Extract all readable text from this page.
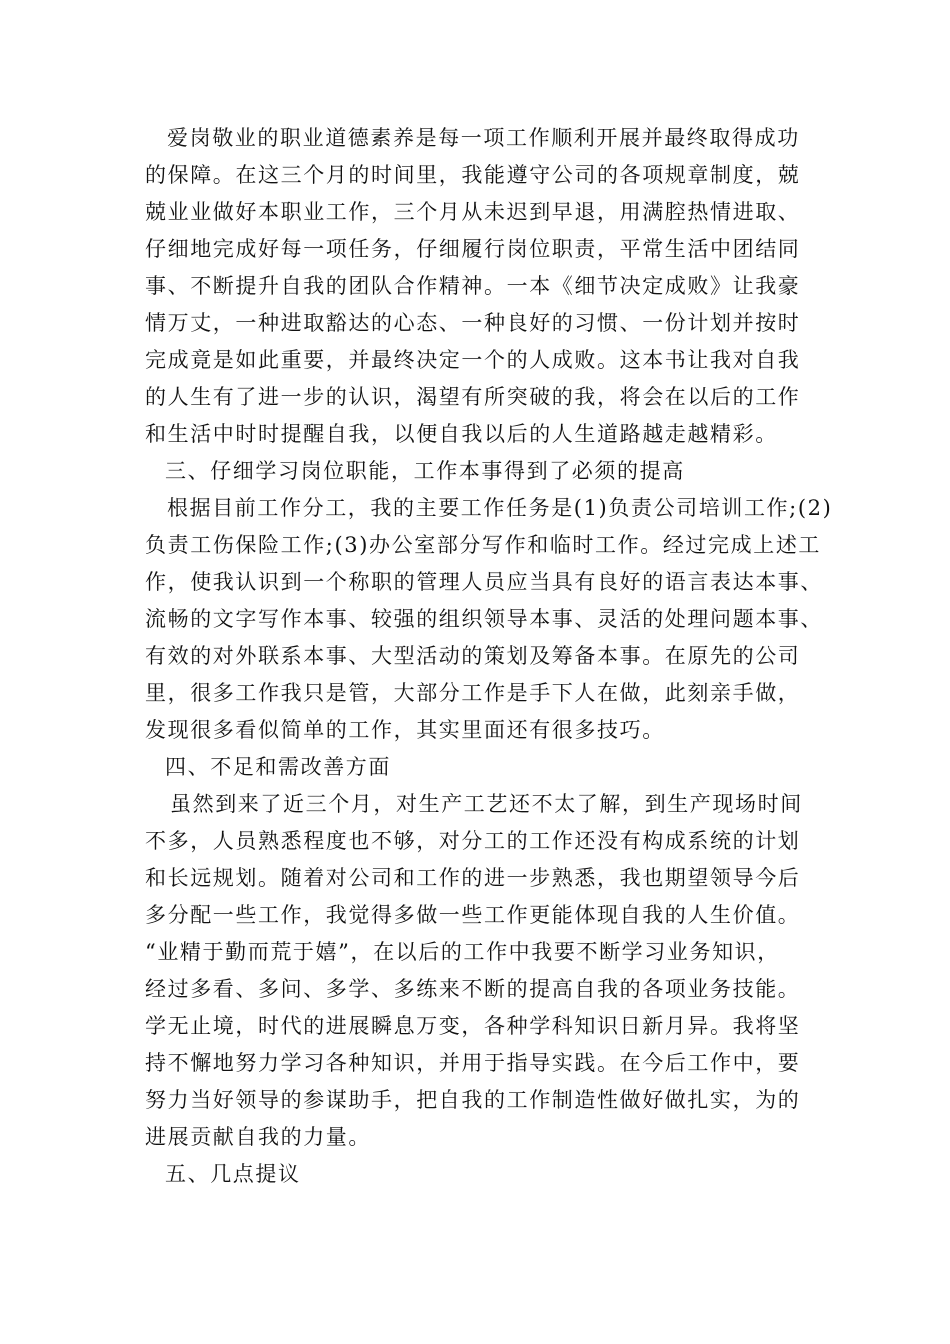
爱岗敬业的职业道德素养是每一项工作顺利开展并最终取得成功
的保障。在这三个月的时间里，我能遵守公司的各项规章制度，兢
兢业业做好本职业工作，三个月从未迟到早退，用满腔热情进取、
仔细地完成好每一项任务，仔细履行岗位职责，平常生活中团结同
事、不断提升自我的团队合作精神。一本《细节决定成败》让我豪
情万丈，一种进取豁达的心态、一种良好的习惯、一份计划并按时
完成竟是如此重要，并最终决定一个的人成败。这本书让我对自我
的人生有了进一步的认识，渴望有所突破的我，将会在以后的工作
和生活中时时提醒自我，以便自我以后的人生道路越走越精彩。
三、仔细学习岗位职能，工作本事得到了必须的提高
根据目前工作分工，我的主要工作任务是(1)负责公司培训工作;(2)
负责工伤保险工作;(3)办公室部分写作和临时工作。经过完成上述工
作，使我认识到一个称职的管理人员应当具有良好的语言表达本事、
流畅的文字写作本事、较强的组织领导本事、灵活的处理问题本事、
有效的对外联系本事、大型活动的策划及筹备本事。在原先的公司
里，很多工作我只是管，大部分工作是手下人在做，此刻亲手做，
发现很多看似简单的工作，其实里面还有很多技巧。
四、不足和需改善方面
虽然到来了近三个月，对生产工艺还不太了解，到生产现场时间
不多，人员熟悉程度也不够，对分工的工作还没有构成系统的计划
和长远规划。随着对公司和工作的进一步熟悉，我也期望领导今后
多分配一些工作，我觉得多做一些工作更能体现自我的人生价值。
“业精于勤而荒于嬉”，在以后的工作中我要不断学习业务知识，
经过多看、多问、多学、多练来不断的提高自我的各项业务技能。
学无止境，时代的进展瞬息万变，各种学科知识日新月异。我将坚
持不懈地努力学习各种知识，并用于指导实践。在今后工作中，要
努力当好领导的参谋助手，把自我的工作制造性做好做扎实，为的
进展贡献自我的力量。
五、几点提议
